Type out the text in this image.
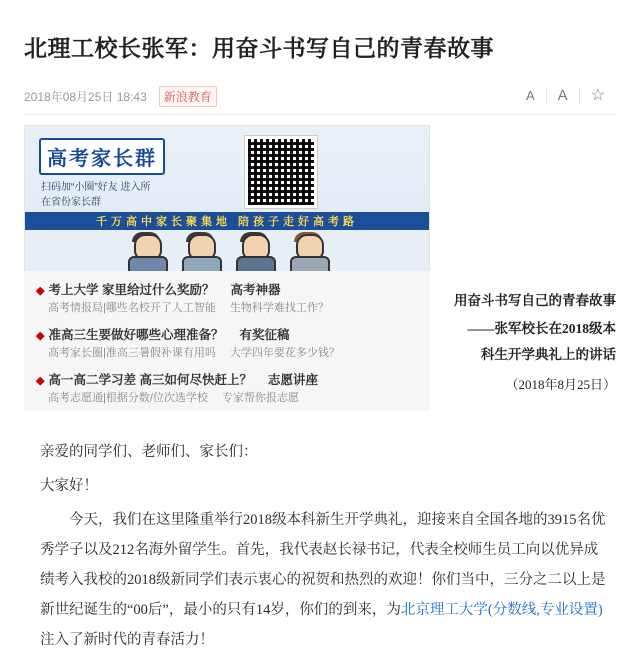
北理工校长张军：用奋斗书写自己的青春故事
2018年08月25日 18:43	新浪教育	A	A	☆
高考家长群
扫码加“小圈”好友 进入所在省份家长群
千万高中家长聚集地 陪孩子走好高考路
◆ 考上大学 家里给过什么奖励？ 高考神器
高考情报局|哪些名校开了人工智能 生物科学难找工作？
◆ 准高三生要做好哪些心理准备？ 有奖征稿
高考家长圈|准高三暑假补课有用吗 大学四年要花多少钱？
◆ 高一高二学习差 高三如何尽快赶上？ 志愿讲座
高考志愿通|根据分数/位次选学校 专家帮你报志愿
用奋斗书写自己的青春故事
——张军校长在2018级本
科生开学典礼上的讲话
（2018年8月25日）

亲爱的同学们、老师们、家长们：

大家好！

今天，我们在这里隆重举行2018级本科新生开学典礼，迎接来自全国各地的3915名优秀学子以及212名海外留学生。首先，我代表赵长禄书记，代表全校师生员工向以优异成绩考入我校的2018级新同学们表示衷心的祝贺和热烈的欢迎！你们当中，三分之二以上是新世纪诞生的“00后”，最小的只有14岁，你们的到来，为北京理工大学(分数线,专业设置)注入了新时代的青春活力！
